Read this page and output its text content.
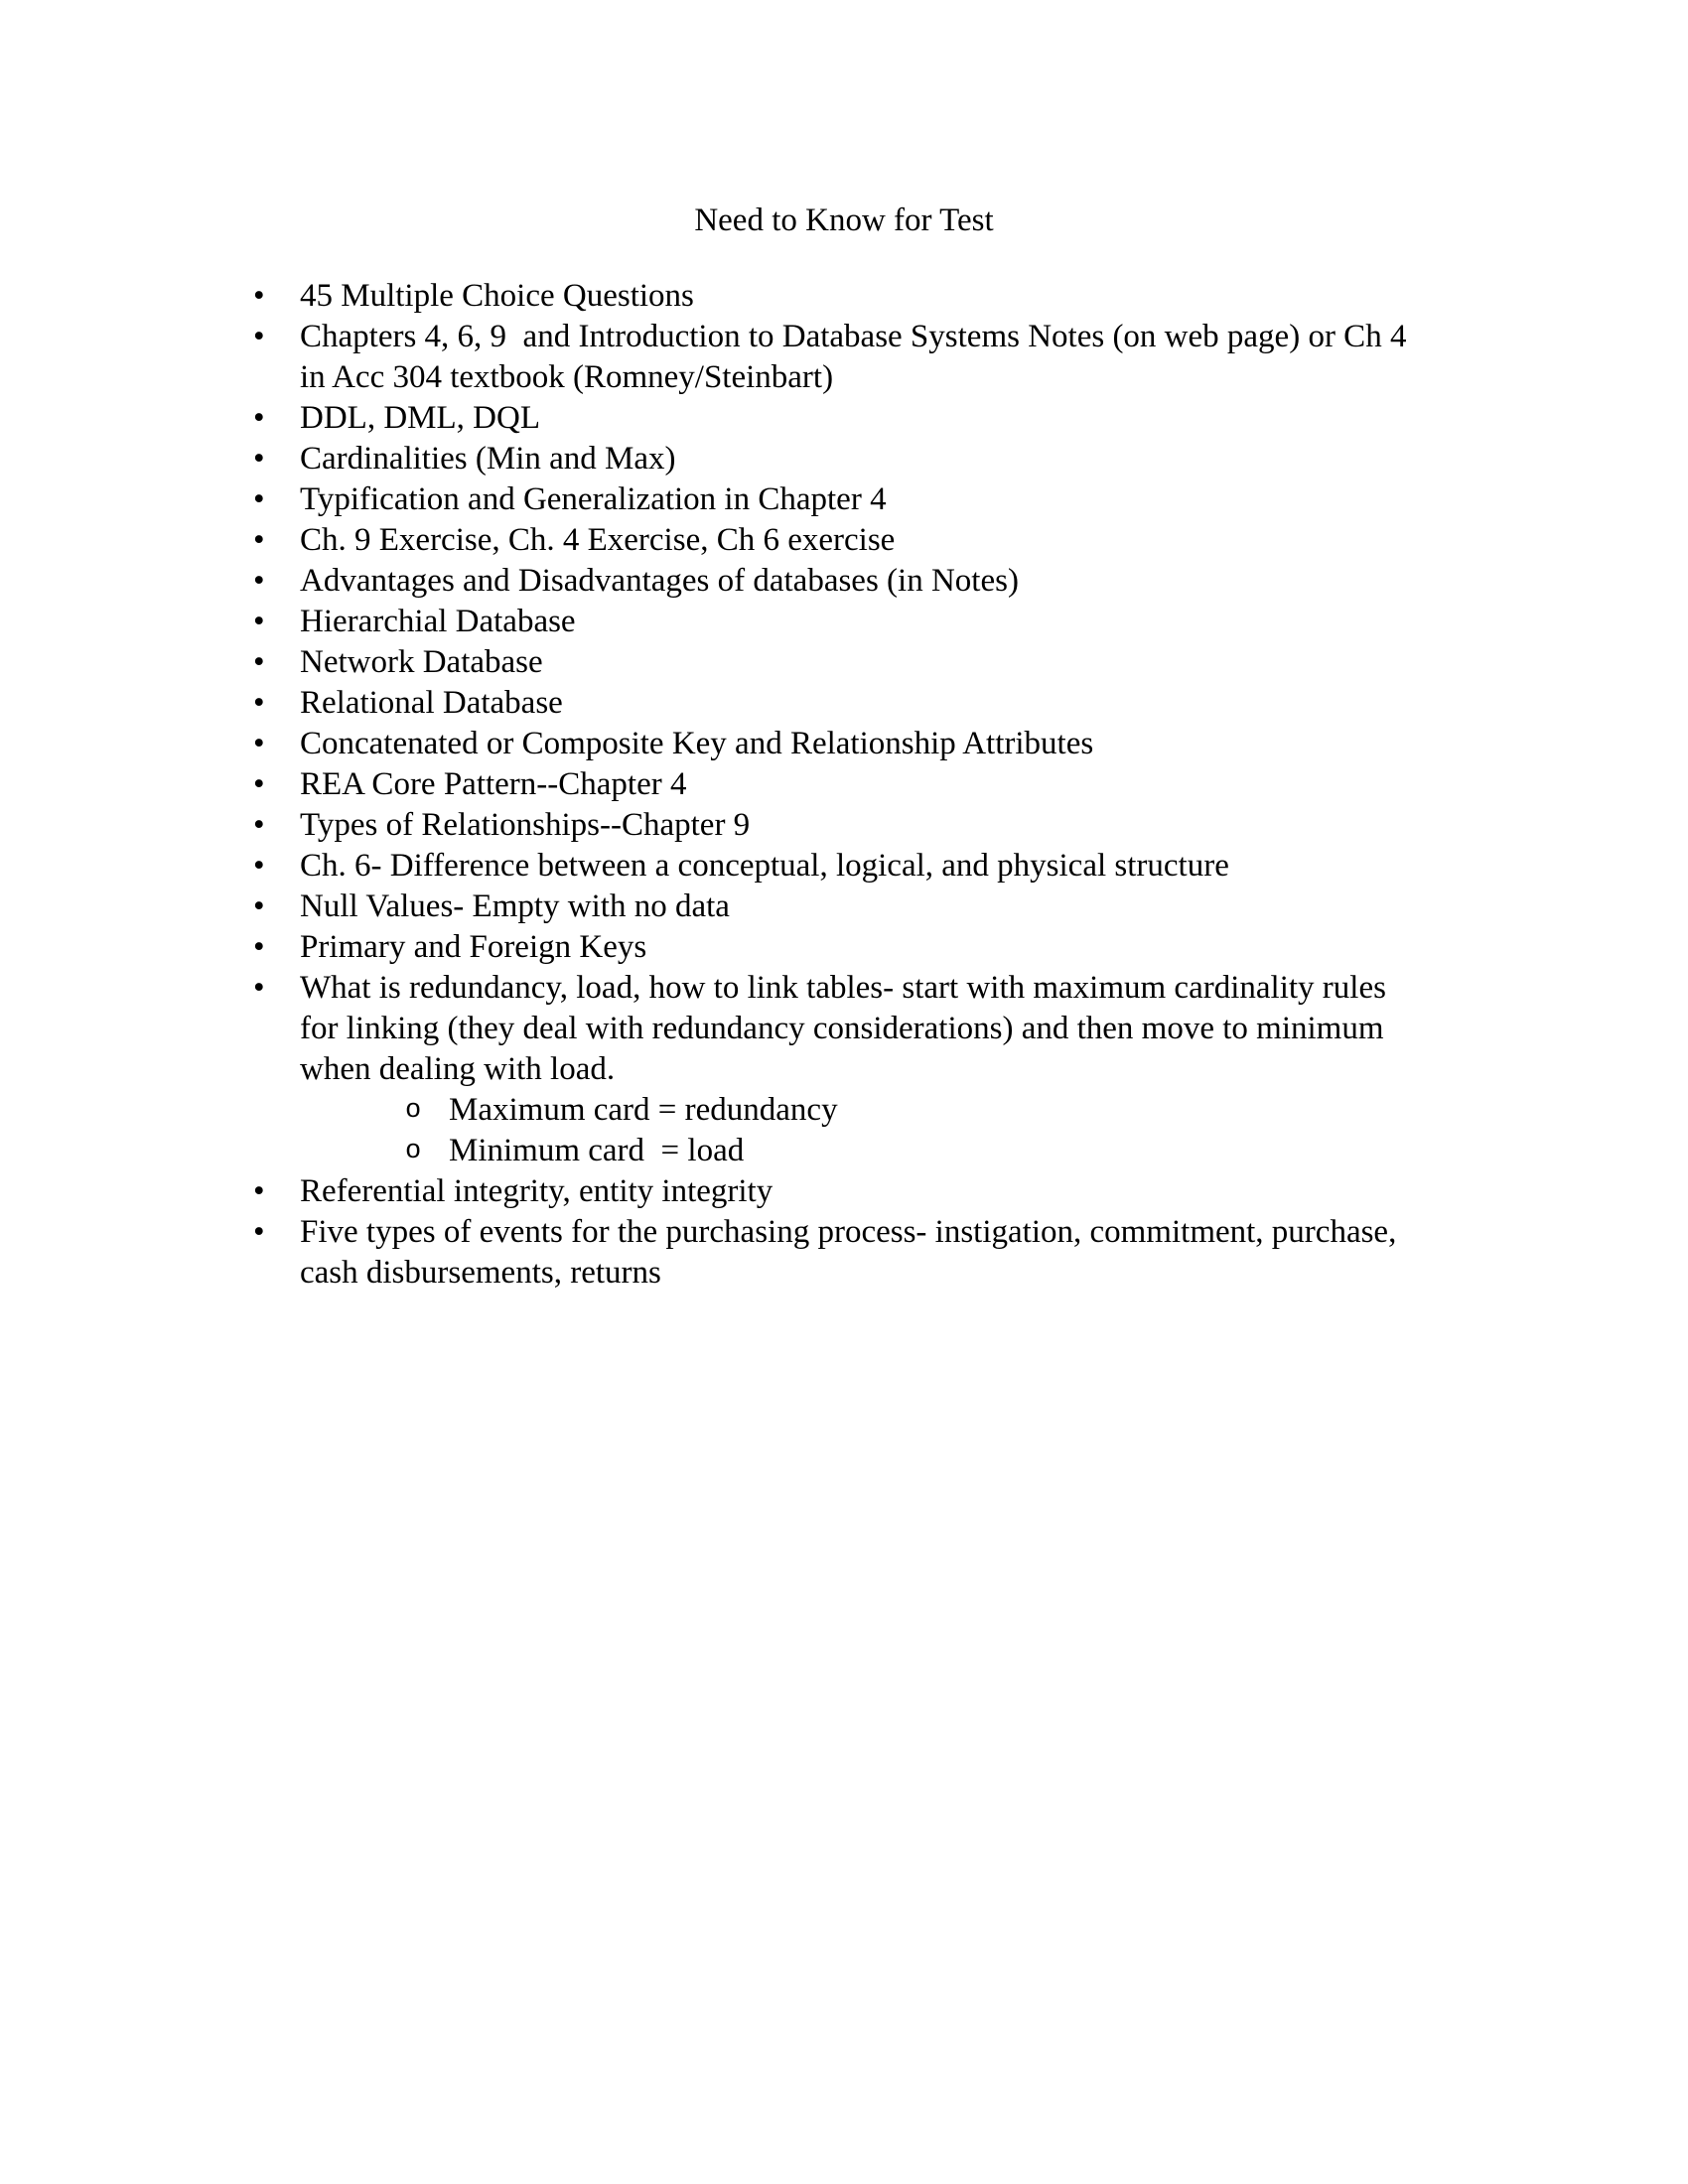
Need to Know for Test
• 45 Multiple Choice Questions
• Chapters 4, 6, 9  and Introduction to Database Systems Notes (on web page) or Ch 4 in Acc 304 textbook (Romney/Steinbart)
• DDL, DML, DQL
• Cardinalities (Min and Max)
• Typification and Generalization in Chapter 4
• Ch. 9 Exercise, Ch. 4 Exercise, Ch 6 exercise
• Advantages and Disadvantages of databases (in Notes)
• Hierarchial Database
• Network Database
• Relational Database
• Concatenated or Composite Key and Relationship Attributes
• REA Core Pattern--Chapter 4
• Types of Relationships--Chapter 9
• Ch. 6- Difference between a conceptual, logical, and physical structure
• Null Values- Empty with no data
• Primary and Foreign Keys
• What is redundancy, load, how to link tables- start with maximum cardinality rules for linking (they deal with redundancy considerations) and then move to minimum when dealing with load.
o Maximum card = redundancy
o Minimum card  = load
• Referential integrity, entity integrity
• Five types of events for the purchasing process- instigation, commitment, purchase, cash disbursements, returns
